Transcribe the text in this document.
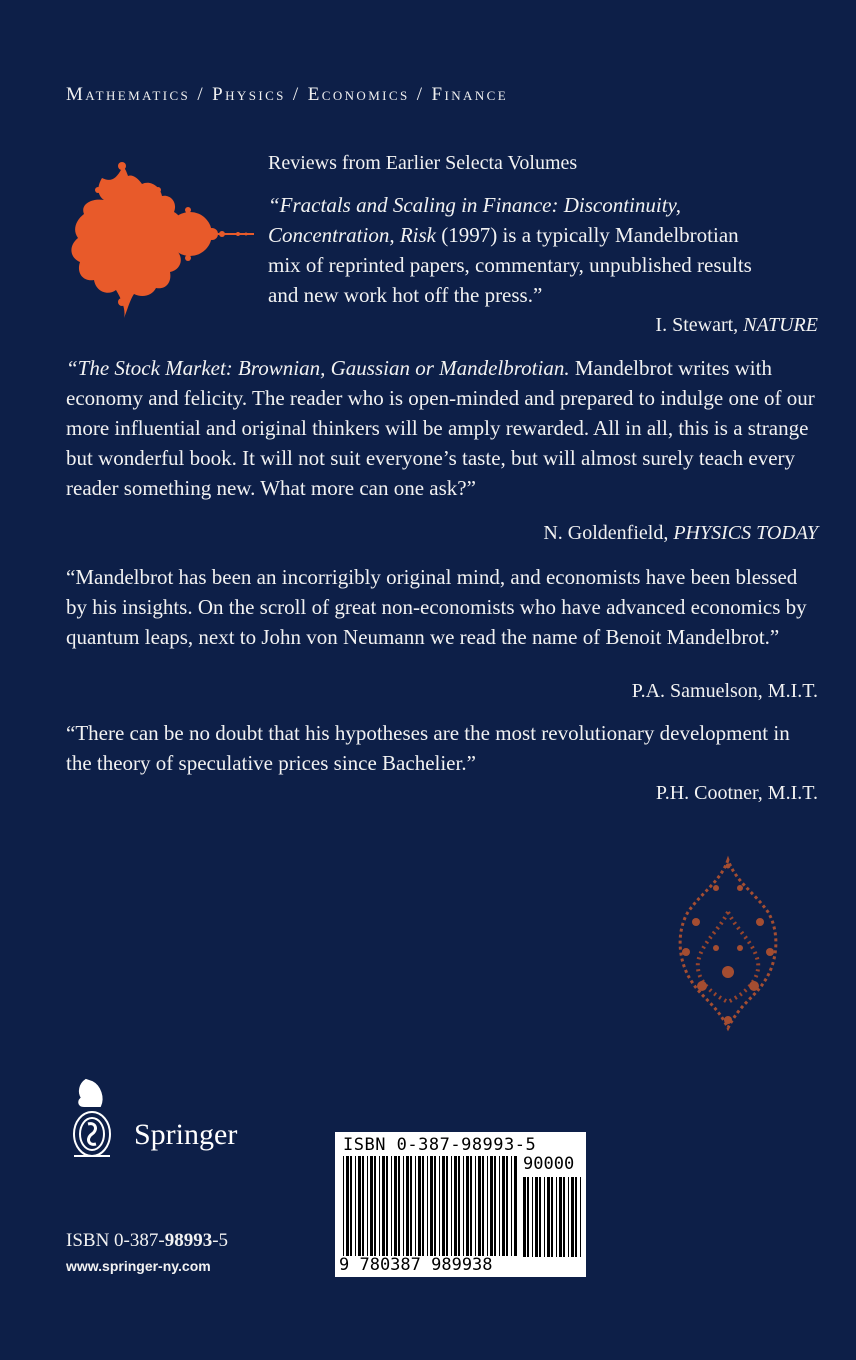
Mathematics / Physics / Economics / Finance
Reviews from Earlier Selecta Volumes
“Fractals and Scaling in Finance: Discontinuity, Concentration, Risk (1997) is a typically Mandelbrotian mix of reprinted papers, commentary, unpublished results and new work hot off the press.”
I. Stewart, NATURE
“The Stock Market: Brownian, Gaussian or Mandelbrotian. Mandelbrot writes with economy and felicity. The reader who is open-minded and prepared to indulge one of our more influential and original thinkers will be amply rewarded. All in all, this is a strange but wonderful book. It will not suit everyone’s taste, but will almost surely teach every reader something new. What more can one ask?”
N. Goldenfield, PHYSICS TODAY
“Mandelbrot has been an incorrigibly original mind, and economists have been blessed by his insights. On the scroll of great non-economists who have advanced economics by quantum leaps, next to John von Neumann we read the name of Benoit Mandelbrot.”
P.A. Samuelson, M.I.T.
“There can be no doubt that his hypotheses are the most revolutionary development in the theory of speculative prices since Bachelier.”
P.H. Cootner, M.I.T.
Springer
ISBN 0-387-98993-5
www.springer-ny.com
ISBN 0-387-98993-5
90000
9 780387 989938
